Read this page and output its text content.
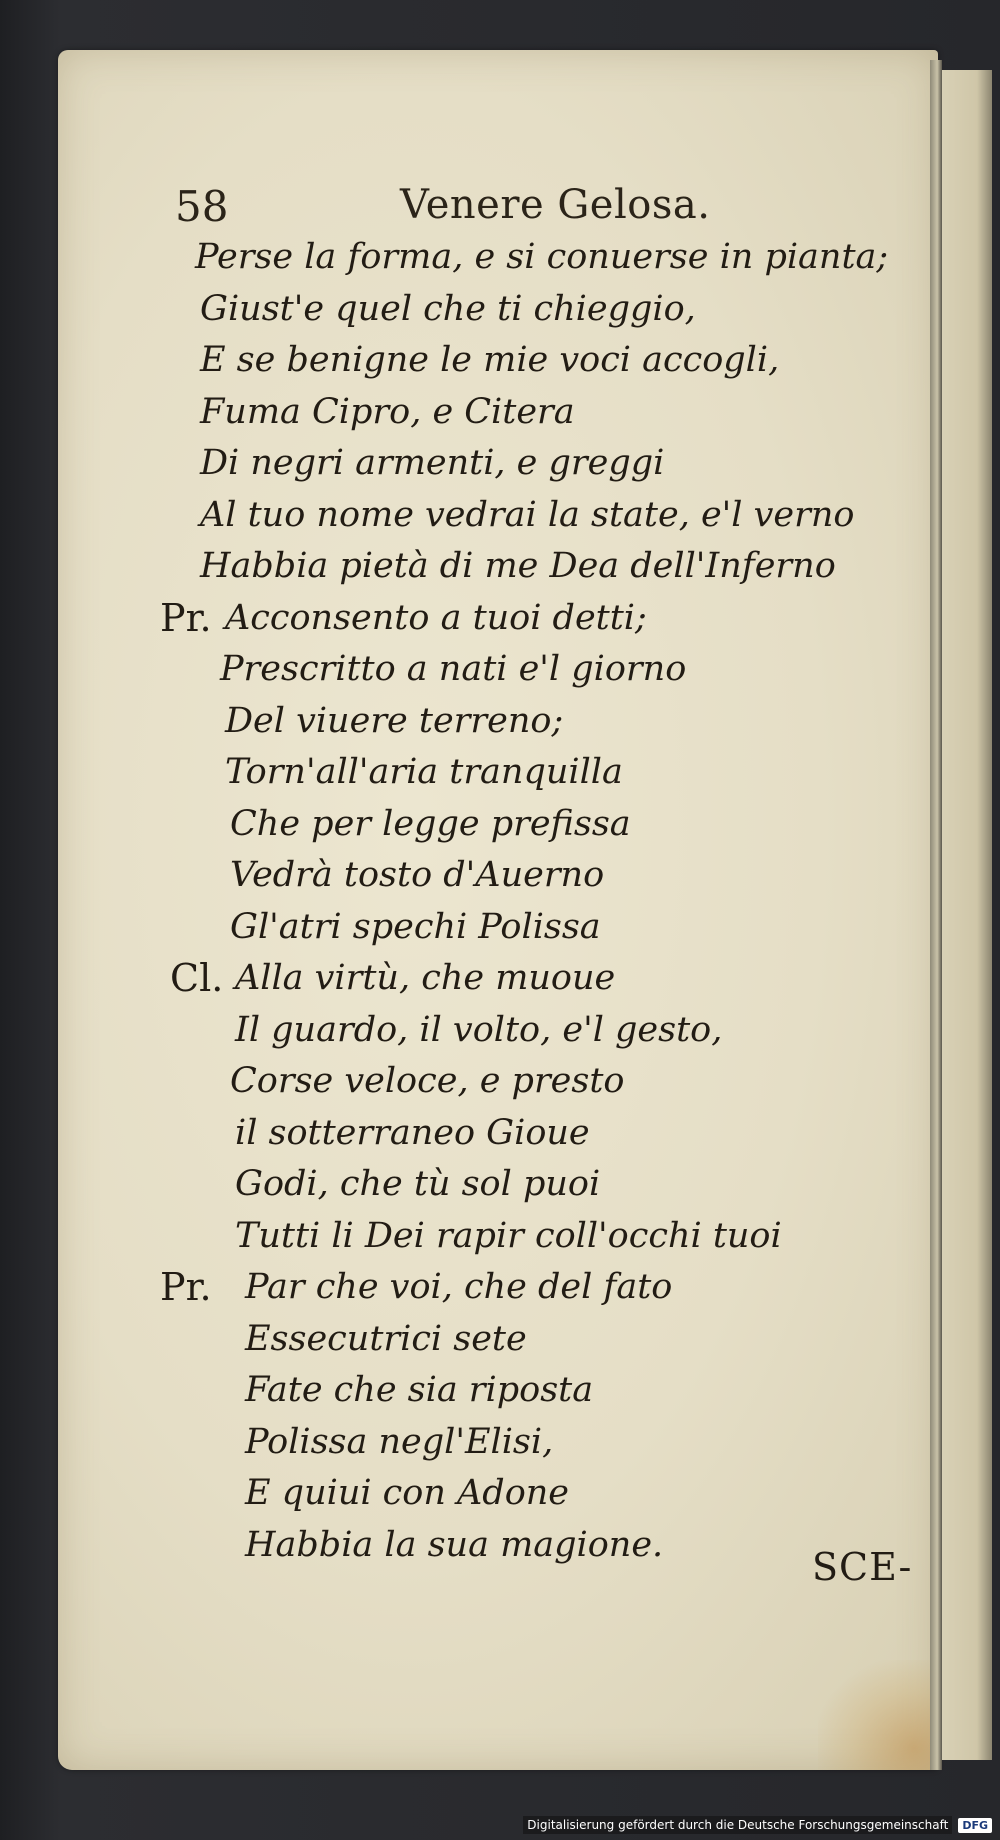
58	Venere Gelosa.
Perse la forma, e si conuerse in pianta;
Giust'e quel che ti chieggio,
E se benigne le mie voci accogli,
Fuma Cipro, e Citera
Di negri armenti, e greggi
Al tuo nome vedrai la state, e'l verno
Habbia pietà di me Dea dell'Inferno
Pr. Acconsento a tuoi detti;
Prescritto a nati e'l giorno
Del viuere terreno;
Torn'all'aria tranquilla
Che per legge prefissa
Vedrà tosto d'Auerno
Gl'atri spechi Polissa
Cl. Alla virtù, che muoue
Il guardo, il volto, e'l gesto,
Corse veloce, e presto
il sotterraneo Gioue
Godi, che tù sol puoi
Tutti li Dei rapir coll'occhi tuoi
Pr. Par che voi, che del fato
Essecutrici sete
Fate che sia riposta
Polissa negl'Elisi,
E quiui con Adone
Habbia la sua magione.
SCE-
Digitalisierung gefördert durch die Deutsche Forschungsgemeinschaft	DFG
